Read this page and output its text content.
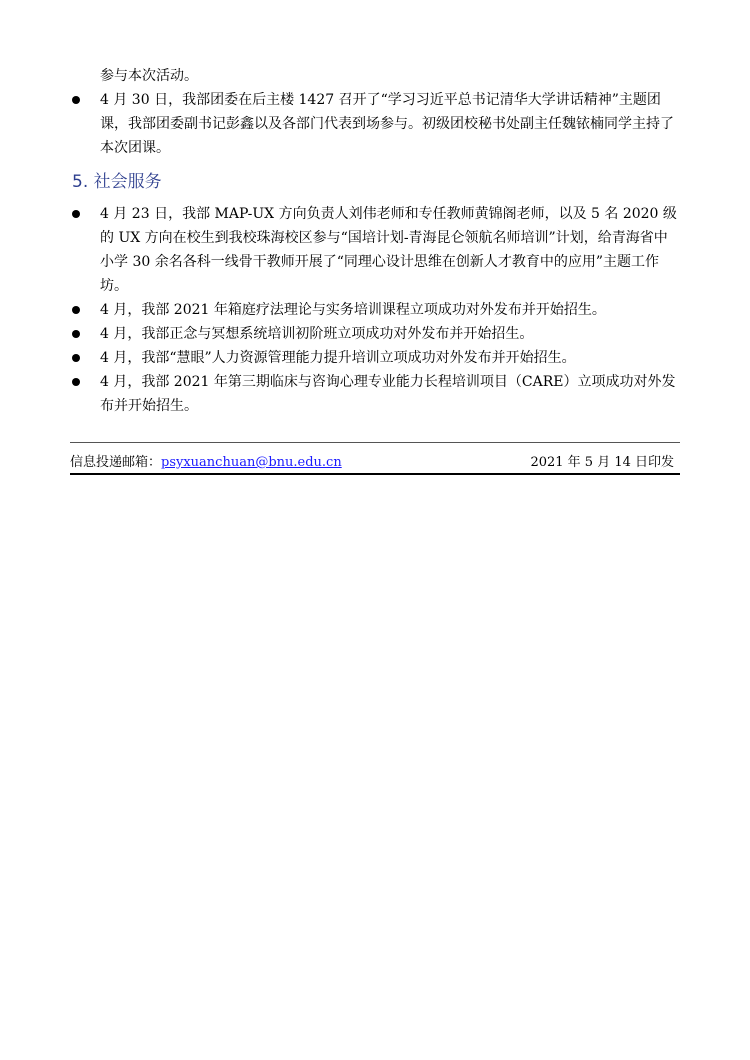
参与本次活动。
4 月 30 日，我部团委在后主楼 1427 召开了“学习习近平总书记清华大学讲话精神”主题团课，我部团委副书记彭鑫以及各部门代表到场参与。初级团校秘书处副主任魏铱楠同学主持了本次团课。
5. 社会服务
4 月 23 日，我部 MAP-UX 方向负责人刘伟老师和专任教师黄锦阁老师，以及 5 名 2020 级的 UX 方向在校生到我校珠海校区参与“国培计划-青海昆仑领航名师培训”计划，给青海省中小学 30 余名各科一线骨干教师开展了“同理心设计思维在创新人才教育中的应用”主题工作坊。
4 月，我部 2021 年箱庭疗法理论与实务培训课程立项成功对外发布并开始招生。
4 月，我部正念与冥想系统培训初阶班立项成功对外发布并开始招生。
4 月，我部“慧眼”人力资源管理能力提升培训立项成功对外发布并开始招生。
4 月，我部 2021 年第三期临床与咨询心理专业能力长程培训项目（CARE）立项成功对外发布并开始招生。
信息投递邮箱：psyxuanchuan@bnu.edu.cn	2021 年 5 月 14 日印发
